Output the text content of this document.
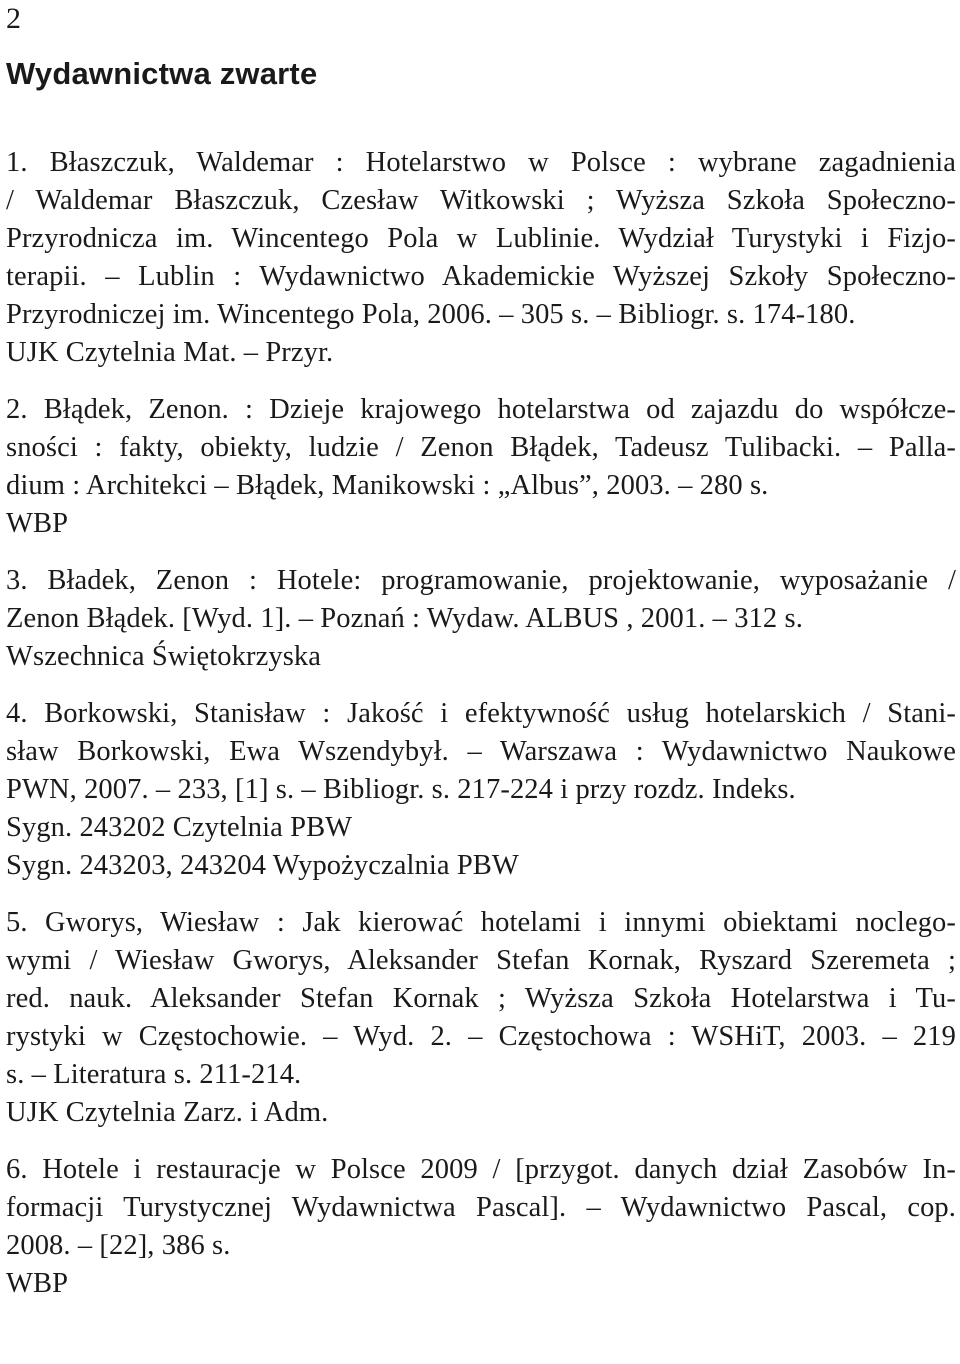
2
Wydawnictwa zwarte
1. Błaszczuk, Waldemar : Hotelarstwo w Polsce : wybrane zagadnienia
/ Waldemar Błaszczuk, Czesław Witkowski ; Wyższa Szkoła Społeczno-
Przyrodnicza im. Wincentego Pola w Lublinie. Wydział Turystyki i Fizjo-
terapii. – Lublin : Wydawnictwo Akademickie Wyższej Szkoły Społeczno-
Przyrodniczej im. Wincentego Pola, 2006. – 305 s. – Bibliogr. s. 174-180.
UJK Czytelnia Mat. – Przyr.
2. Błądek, Zenon. : Dzieje krajowego hotelarstwa od zajazdu do współcze-
sności : fakty, obiekty, ludzie / Zenon Błądek, Tadeusz Tulibacki. – Palla-
dium : Architekci – Błądek, Manikowski : „Albus”, 2003. – 280 s.
WBP
3. Bładek, Zenon : Hotele: programowanie, projektowanie, wyposażanie /
Zenon Błądek. [Wyd. 1]. – Poznań : Wydaw. ALBUS , 2001. – 312 s.
Wszechnica Świętokrzyska
4. Borkowski, Stanisław : Jakość i efektywność usług hotelarskich / Stani-
sław Borkowski, Ewa Wszendybył. – Warszawa : Wydawnictwo Naukowe
PWN, 2007. – 233, [1] s. – Bibliogr. s. 217-224 i przy rozdz. Indeks.
Sygn. 243202 Czytelnia PBW
Sygn. 243203, 243204 Wypożyczalnia PBW
5. Gworys, Wiesław : Jak kierować hotelami i innymi obiektami noclego-
wymi / Wiesław Gworys, Aleksander Stefan Kornak, Ryszard Szeremeta ;
red. nauk. Aleksander Stefan Kornak ; Wyższa Szkoła Hotelarstwa i Tu-
rystyki w Częstochowie. – Wyd. 2. – Częstochowa : WSHiT, 2003. – 219
s. – Literatura s. 211-214.
UJK Czytelnia Zarz. i Adm.
6. Hotele i restauracje w Polsce 2009 / [przygot. danych dział Zasobów In-
formacji Turystycznej Wydawnictwa Pascal]. – Wydawnictwo Pascal, cop.
2008. – [22], 386 s.
WBP
